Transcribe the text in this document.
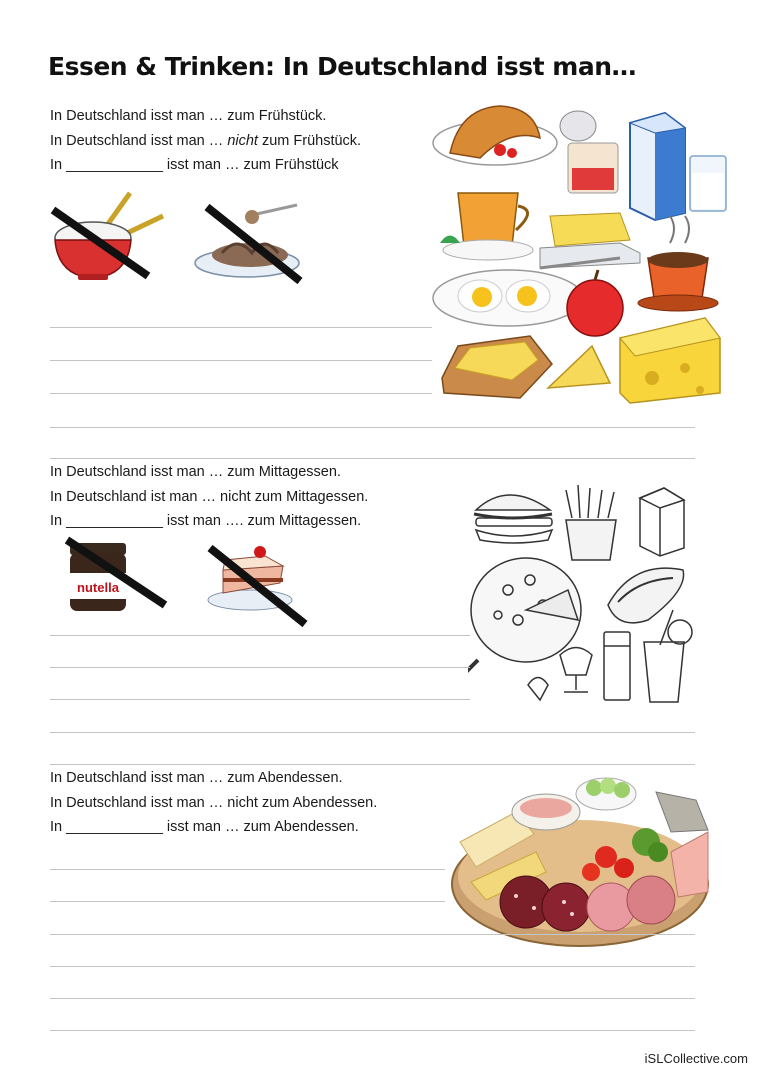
Essen & Trinken: In Deutschland isst man…
In Deutschland isst man … zum Frühstück.
In Deutschland isst man … nicht zum Frühstück.
In ____________ isst man … zum Frühstück
In Deutschland isst man … zum Mittagessen.
In Deutschland ist man … nicht zum Mittagessen.
In ____________ isst man …. zum Mittagessen.
nutella
In Deutschland isst man … zum Abendessen.
In Deutschland isst man … nicht zum Abendessen.
In ____________ isst man … zum Abendessen.
iSLCollective.com
